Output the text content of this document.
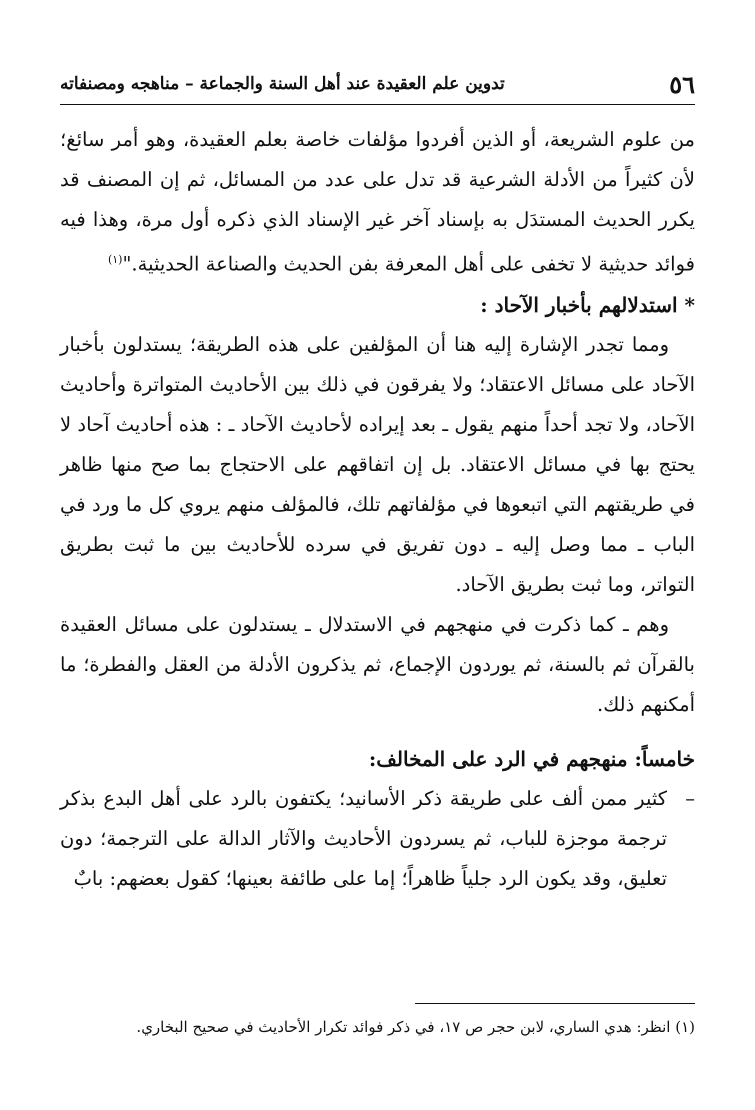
٥٦
تدوين علم العقيدة عند أهل السنة والجماعة – مناهجه ومصنفاته

من علوم الشريعة، أو الذين أفردوا مؤلفات خاصة بعلم العقيدة، وهو أمر سائغ؛ لأن كثيراً من الأدلة الشرعية قد تدل على عدد من المسائل، ثم إن المصنف قد يكرر الحديث المستدَل به بإسناد آخر غير الإسناد الذي ذكره أول مرة، وهذا فيه فوائد حديثية لا تخفى على أهل المعرفة بفن الحديث والصناعة الحديثية."$^{(١)}$

* استدلالهم بأخبار الآحاد :

ومما تجدر الإشارة إليه هنا أن المؤلفين على هذه الطريقة؛ يستدلون بأخبار الآحاد على مسائل الاعتقاد؛ ولا يفرقون في ذلك بين الأحاديث المتواترة وأحاديث الآحاد، ولا تجد أحداً منهم يقول ـ بعد إيراده لأحاديث الآحاد ـ : هذه أحاديث آحاد لا يحتج بها في مسائل الاعتقاد. بل إن اتفاقهم على الاحتجاج بما صح منها ظاهر في طريقتهم التي اتبعوها في مؤلفاتهم تلك، فالمؤلف منهم يروي كل ما ورد في الباب ـ مما وصل إليه ـ دون تفريق في سرده للأحاديث بين ما ثبت بطريق التواتر، وما ثبت بطريق الآحاد.

وهم ـ كما ذكرت في منهجهم في الاستدلال ـ يستدلون على مسائل العقيدة بالقرآن ثم بالسنة، ثم يوردون الإجماع، ثم يذكرون الأدلة من العقل والفطرة؛ ما أمكنهم ذلك.

خامساً: منهجهم في الرد على المخالف:

–
كثير ممن ألف على طريقة ذكر الأسانيد؛ يكتفون بالرد على أهل البدع بذكر ترجمة موجزة للباب، ثم يسردون الأحاديث والآثار الدالة على الترجمة؛ دون تعليق، وقد يكون الرد جلياً ظاهراً؛ إما على طائفة بعينها؛ كقول بعضهم: بابٌ

(١) انظر: هدي الساري، لابن حجر ص ١٧، في ذكر فوائد تكرار الأحاديث في صحيح البخاري.
